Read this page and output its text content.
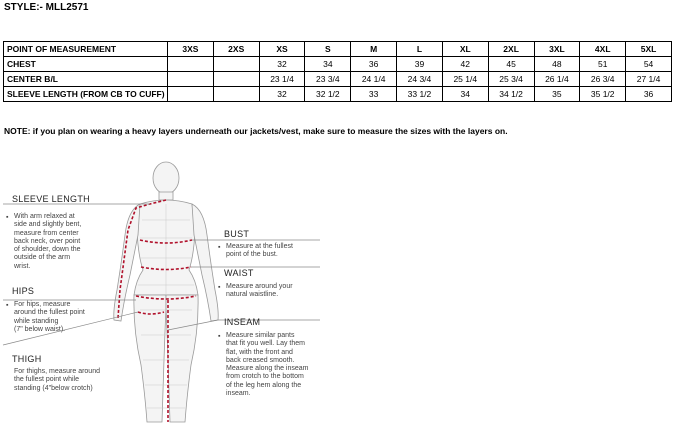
STYLE:- MLL2571
POINT OF MEASUREMENT	3XS	2XS	XS	S	M	L	XL	2XL	3XL	4XL	5XL
CHEST			32	34	36	39	42	45	48	51	54
CENTER B/L			23 1/4	23 3/4	24 1/4	24 3/4	25 1/4	25 3/4	26 1/4	26 3/4	27 1/4
SLEEVE LENGTH (FROM CB TO CUFF)			32	32 1/2	33	33 1/2	34	34 1/2	35	35 1/2	36
NOTE: if you plan on wearing a heavy layers underneath our jackets/vest, make sure to measure the sizes with the layers on.
SLEEVE LENGTH
▪ With arm relaxed at
side and slightly bent,
measure from center
back neck, over point
of shoulder, down the
outside of the arm
wrist.
HIPS
▪ For hips, measure
around the fullest point
while standing
(7" below waist).
THIGH
For thighs, measure around
the fullest point while
standing (4"below crotch)
BUST
▪ Measure at the fullest
point of the bust.
WAIST
▪ Measure around your
natural waistline.
INSEAM
▪ Measure similar pants
that fit you well. Lay them
flat, with the front and
back creased smooth.
Measure along the inseam
from crotch to the bottom
of the leg hem along the
inseam.
